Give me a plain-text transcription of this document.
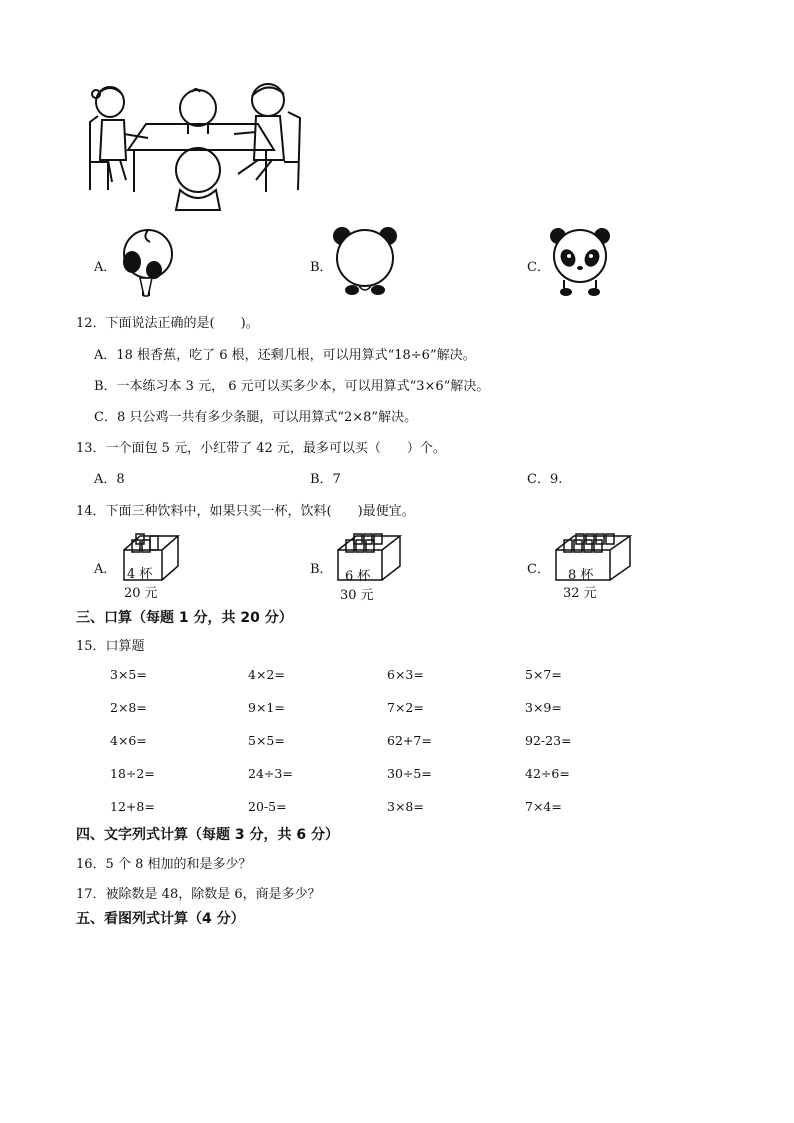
A．	B．	C．
12．下面说法正确的是(　　)。
A．18 根香蕉，吃了 6 根，还剩几根，可以用算式“18÷6”解决。
B．一本练习本 3 元， 6 元可以买多少本，可以用算式“3×6”解决。
C．8 只公鸡一共有多少条腿，可以用算式“2×8”解决。
13．一个面包 5 元，小红带了 42 元，最多可以买（　　）个。
A．8	B．7	C．9.
14．下面三种饮料中，如果只买一杯，饮料(　　)最便宜。
A． 4 杯
20 元
B． 6 杯
30 元
C． 8 杯
32 元
三、口算（每题 1 分，共 20 分）
15．口算题
3×5=	4×2=	6×3=	5×7=
2×8=	9×1=	7×2=	3×9=
4×6=	5×5=	62+7=	92-23=
18÷2=	24÷3=	30÷5=	42÷6=
12+8=	20-5=	3×8=	7×4=
四、文字列式计算（每题 3 分，共 6 分）
16．5 个 8 相加的和是多少？
17．被除数是 48，除数是 6，商是多少？
五、看图列式计算（4 分）
